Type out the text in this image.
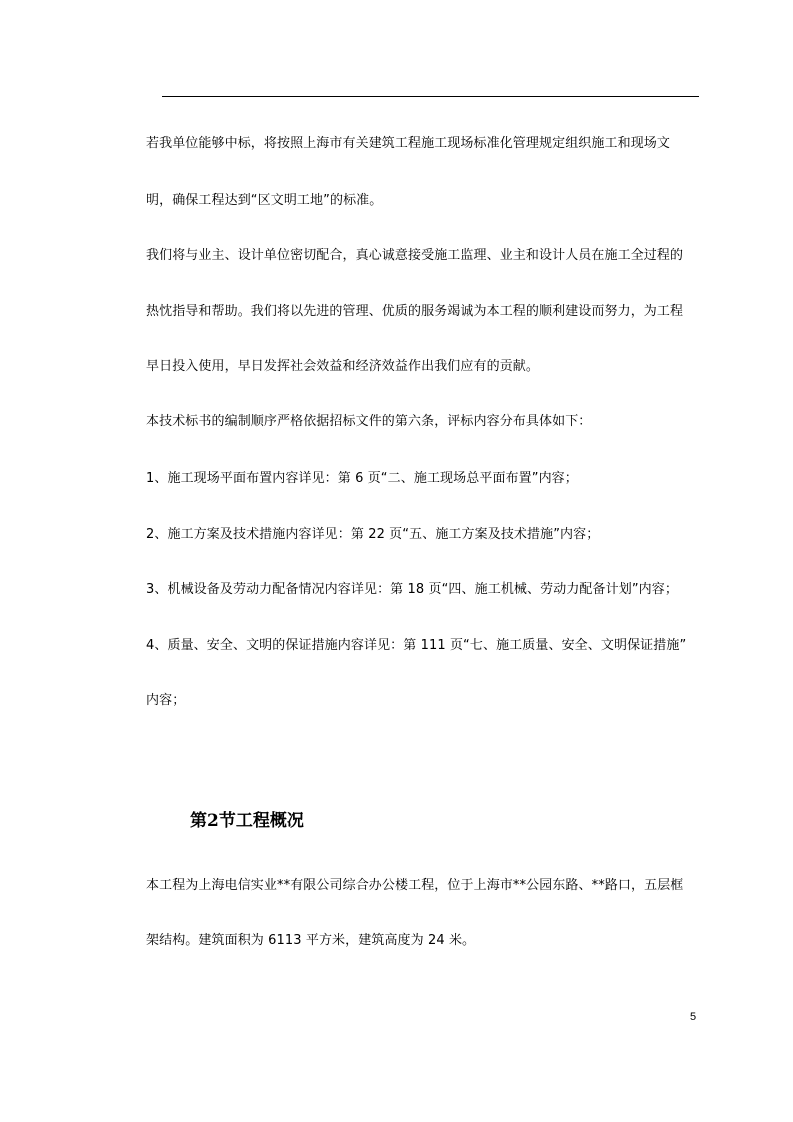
若我单位能够中标，将按照上海市有关建筑工程施工现场标准化管理规定组织施工和现场文
明，确保工程达到“区文明工地”的标准。
我们将与业主、设计单位密切配合，真心诚意接受施工监理、业主和设计人员在施工全过程的
热忱指导和帮助。我们将以先进的管理、优质的服务竭诚为本工程的顺利建设而努力，为工程
早日投入使用，早日发挥社会效益和经济效益作出我们应有的贡献。
本技术标书的编制顺序严格依据招标文件的第六条，评标内容分布具体如下：
1、施工现场平面布置内容详见：第 6 页“二、施工现场总平面布置”内容；
2、施工方案及技术措施内容详见：第 22 页“五、施工方案及技术措施”内容；
3、机械设备及劳动力配备情况内容详见：第 18 页“四、施工机械、劳动力配备计划”内容；
4、质量、安全、文明的保证措施内容详见：第 111 页“七、施工质量、安全、文明保证措施”
内容；
第2节工程概况
本工程为上海电信实业**有限公司综合办公楼工程，位于上海市**公园东路、**路口，五层框
架结构。建筑面积为 6113 平方米，建筑高度为 24 米。
5
